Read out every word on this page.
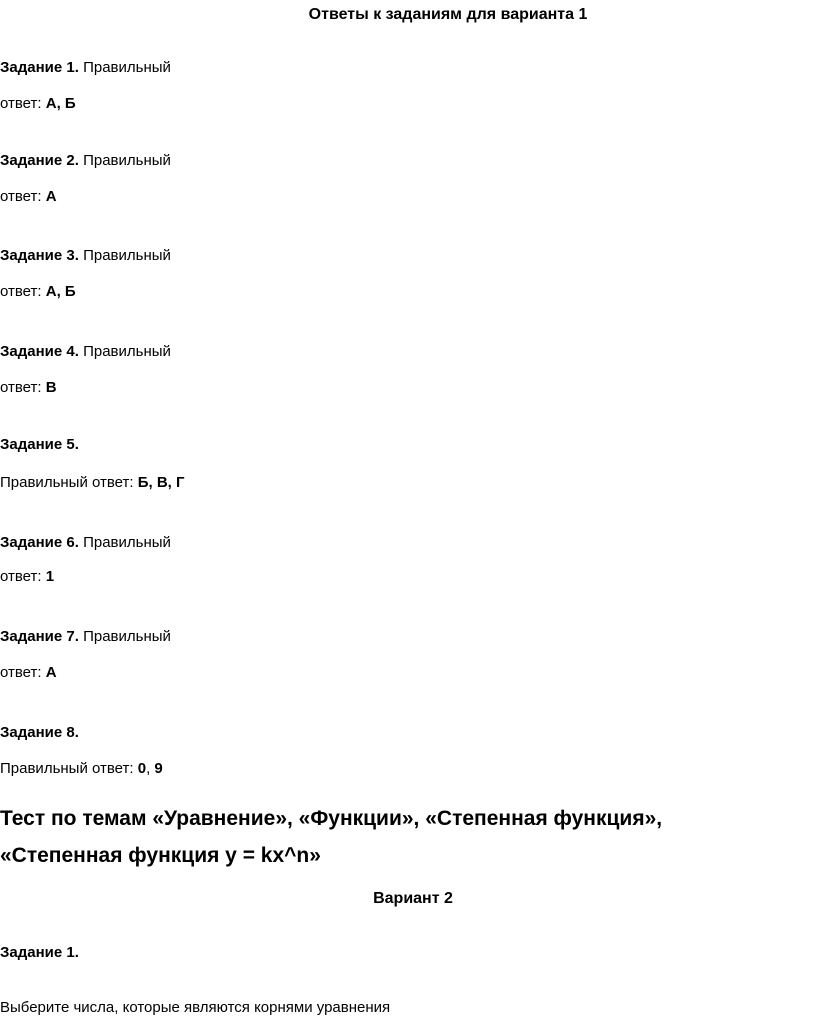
Ответы к заданиям для варианта 1
Задание 1. Правильный
ответ: А, Б
Задание 2. Правильный
ответ: А
Задание 3. Правильный
ответ: А, Б
Задание 4. Правильный
ответ: В
Задание 5.
Правильный ответ: Б, В, Г
Задание 6. Правильный
ответ: 1
Задание 7. Правильный
ответ: А
Задание 8.
Правильный ответ: 0, 9
Тест по темам «Уравнение», «Функции», «Степенная функция»,
«Степенная функция y = kx^n»
Вариант 2
Задание 1.
Выберите числа, которые являются корнями уравнения
